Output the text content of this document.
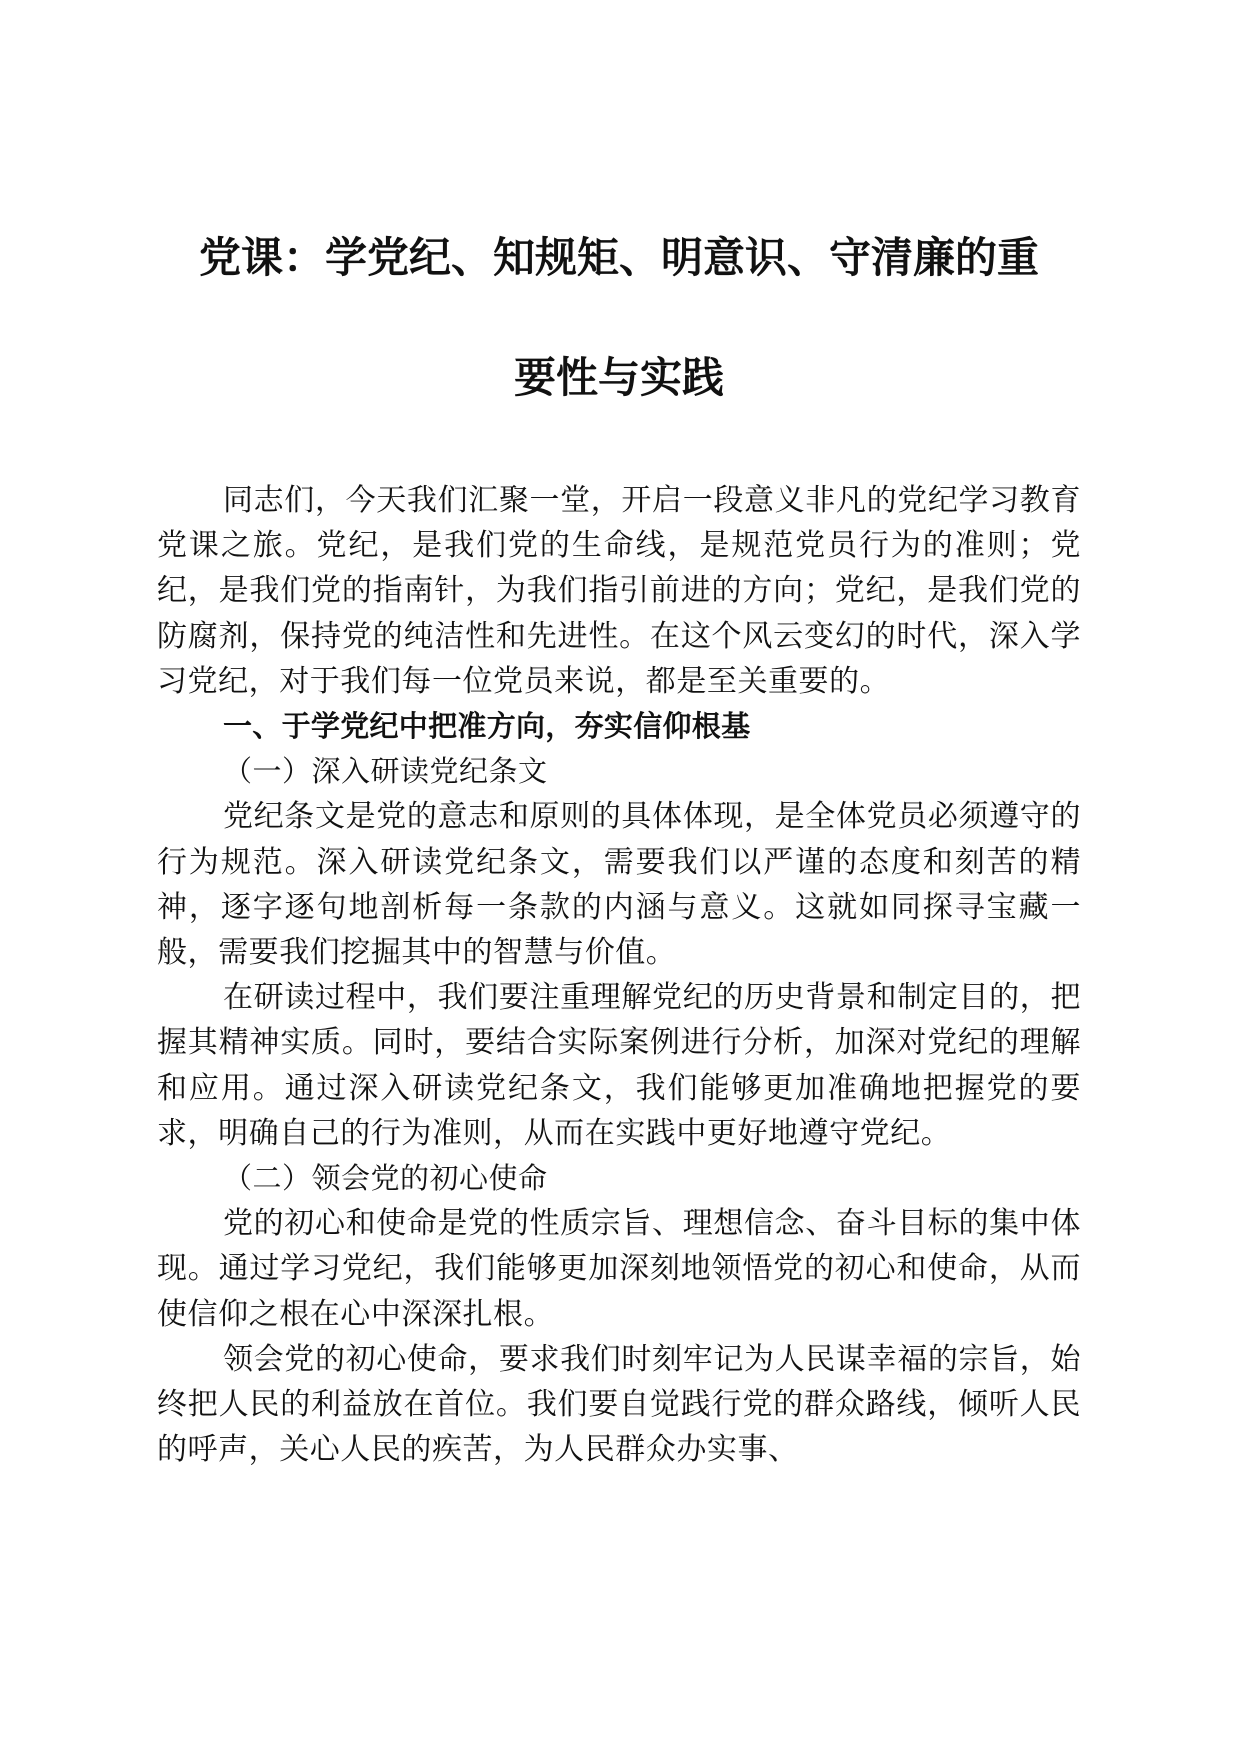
党课：学党纪、知规矩、明意识、守清廉的重
要性与实践

同志们，今天我们汇聚一堂，开启一段意义非凡的党纪学习教育党课之旅。党纪，是我们党的生命线，是规范党员行为的准则；党纪，是我们党的指南针，为我们指引前进的方向；党纪，是我们党的防腐剂，保持党的纯洁性和先进性。在这个风云变幻的时代，深入学习党纪，对于我们每一位党员来说，都是至关重要的。

一、于学党纪中把准方向，夯实信仰根基

（一）深入研读党纪条文

党纪条文是党的意志和原则的具体体现，是全体党员必须遵守的行为规范。深入研读党纪条文，需要我们以严谨的态度和刻苦的精神，逐字逐句地剖析每一条款的内涵与意义。这就如同探寻宝藏一般，需要我们挖掘其中的智慧与价值。

在研读过程中，我们要注重理解党纪的历史背景和制定目的，把握其精神实质。同时，要结合实际案例进行分析，加深对党纪的理解和应用。通过深入研读党纪条文，我们能够更加准确地把握党的要求，明确自己的行为准则，从而在实践中更好地遵守党纪。

（二）领会党的初心使命

党的初心和使命是党的性质宗旨、理想信念、奋斗目标的集中体现。通过学习党纪，我们能够更加深刻地领悟党的初心和使命，从而使信仰之根在心中深深扎根。

领会党的初心使命，要求我们时刻牢记为人民谋幸福的宗旨，始终把人民的利益放在首位。我们要自觉践行党的群众路线，倾听人民的呼声，关心人民的疾苦，为人民群众办实事、
